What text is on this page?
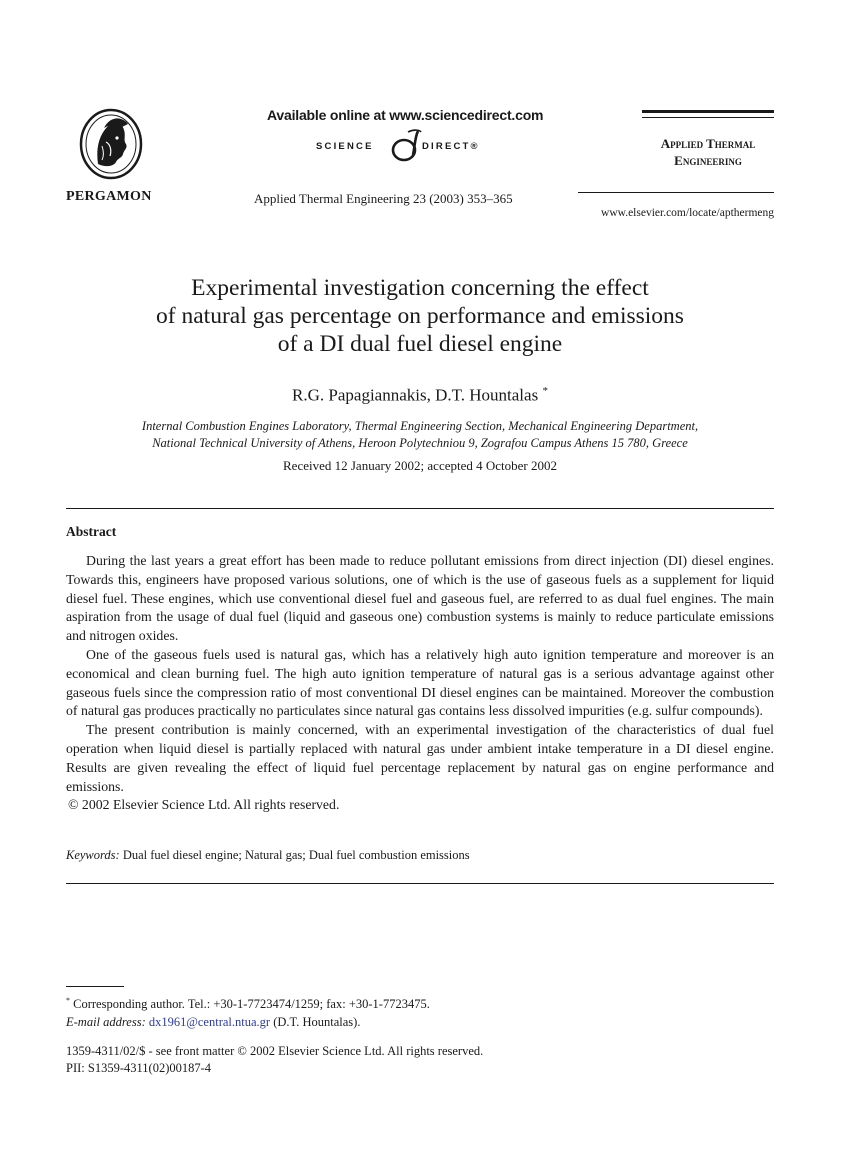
PERGAMON
Available online at www.sciencedirect.com
SCIENCE	DIRECT®
Applied Thermal Engineering 23 (2003) 353–365
Applied Thermal
Engineering
www.elsevier.com/locate/apthermeng
Experimental investigation concerning the effect
of natural gas percentage on performance and emissions
of a DI dual fuel diesel engine
R.G. Papagiannakis, D.T. Hountalas *
Internal Combustion Engines Laboratory, Thermal Engineering Section, Mechanical Engineering Department,
National Technical University of Athens, Heroon Polytechniou 9, Zografou Campus Athens 15 780, Greece
Received 12 January 2002; accepted 4 October 2002
Abstract

During the last years a great effort has been made to reduce pollutant emissions from direct injection (DI) diesel engines. Towards this, engineers have proposed various solutions, one of which is the use of gaseous fuels as a supplement for liquid diesel fuel. These engines, which use conventional diesel fuel and gaseous fuel, are referred to as dual fuel engines. The main aspiration from the usage of dual fuel (liquid and gaseous one) combustion systems is mainly to reduce particulate emissions and nitrogen oxides.

One of the gaseous fuels used is natural gas, which has a relatively high auto ignition temperature and moreover is an economical and clean burning fuel. The high auto ignition temperature of natural gas is a serious advantage against other gaseous fuels since the compression ratio of most conventional DI diesel engines can be maintained. Moreover the combustion of natural gas produces practically no particulates since natural gas contains less dissolved impurities (e.g. sulfur compounds).

The present contribution is mainly concerned, with an experimental investigation of the characteristics of dual fuel operation when liquid diesel is partially replaced with natural gas under ambient intake temperature in a DI diesel engine. Results are given revealing the effect of liquid fuel percentage replacement by natural gas on engine performance and emissions.

© 2002 Elsevier Science Ltd. All rights reserved.

Keywords: Dual fuel diesel engine; Natural gas; Dual fuel combustion emissions
* Corresponding author. Tel.: +30-1-7723474/1259; fax: +30-1-7723475.
E-mail address: dx1961@central.ntua.gr (D.T. Hountalas).
1359-4311/02/$ - see front matter © 2002 Elsevier Science Ltd. All rights reserved.
PII: S1359-4311(02)00187-4
